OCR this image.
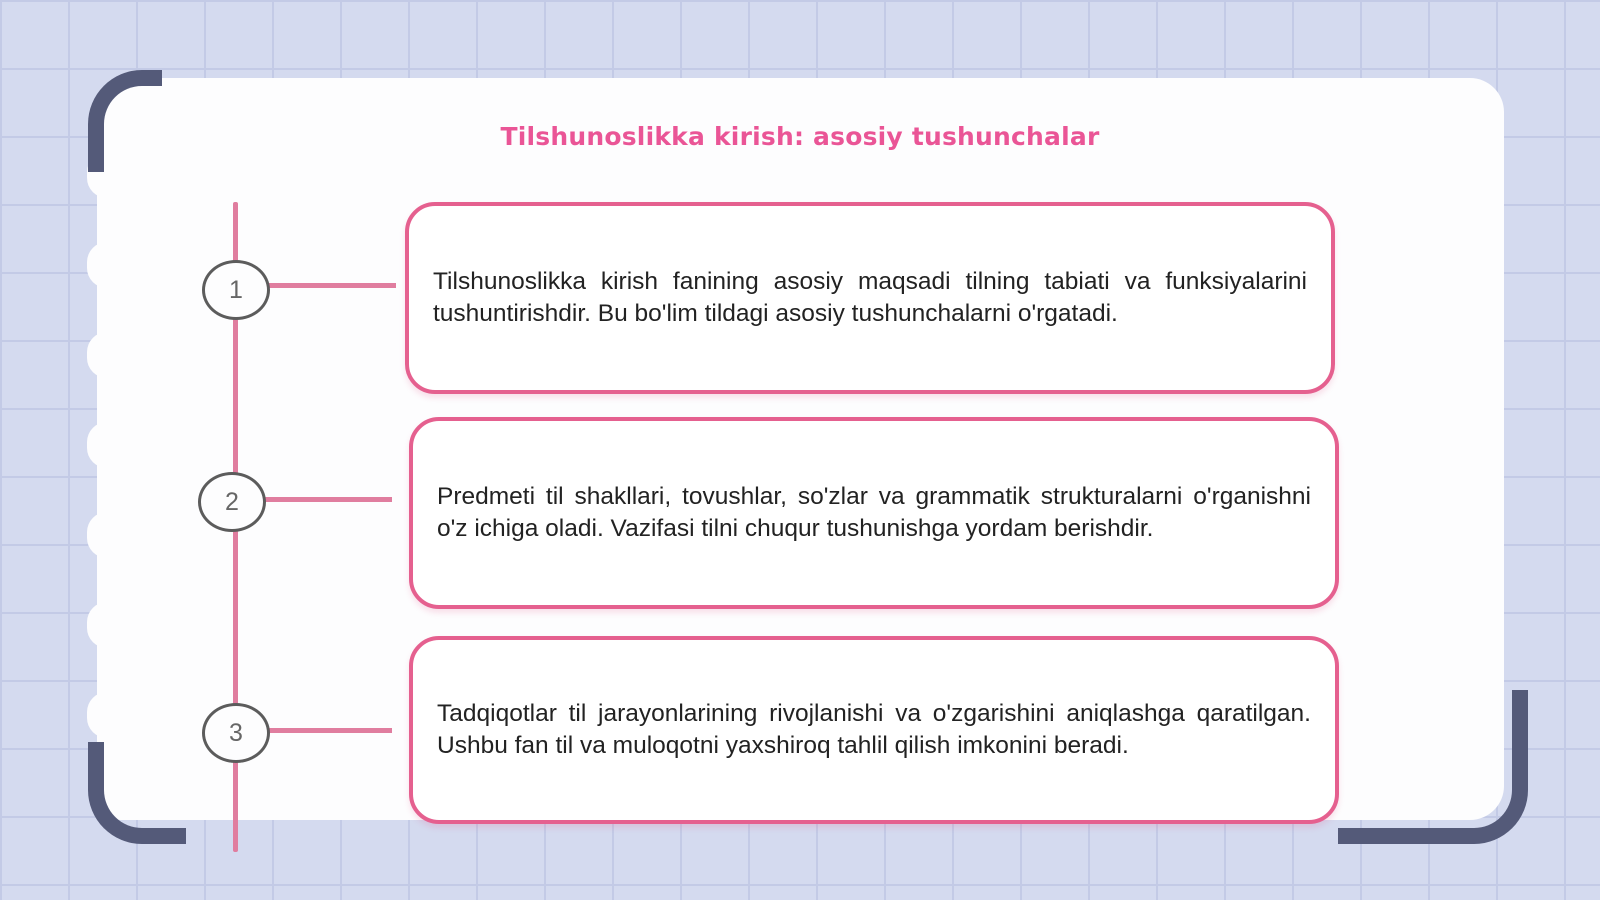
Tilshunoslikka kirish: asosiy tushunchalar
1
2
3

Tilshunoslikka kirish fanining asosiy maqsadi tilning tabiati va funksiyalarini tushuntirishdir. Bu bo'lim tildagi asosiy tushunchalarni o'rgatadi.

Predmeti til shakllari, tovushlar, so'zlar va grammatik strukturalarni o'rganishni o'z ichiga oladi. Vazifasi tilni chuqur tushunishga yordam berishdir.

Tadqiqotlar til jarayonlarining rivojlanishi va o'zgarishini aniqlashga qaratilgan. Ushbu fan til va muloqotni yaxshiroq tahlil qilish imkonini beradi.
